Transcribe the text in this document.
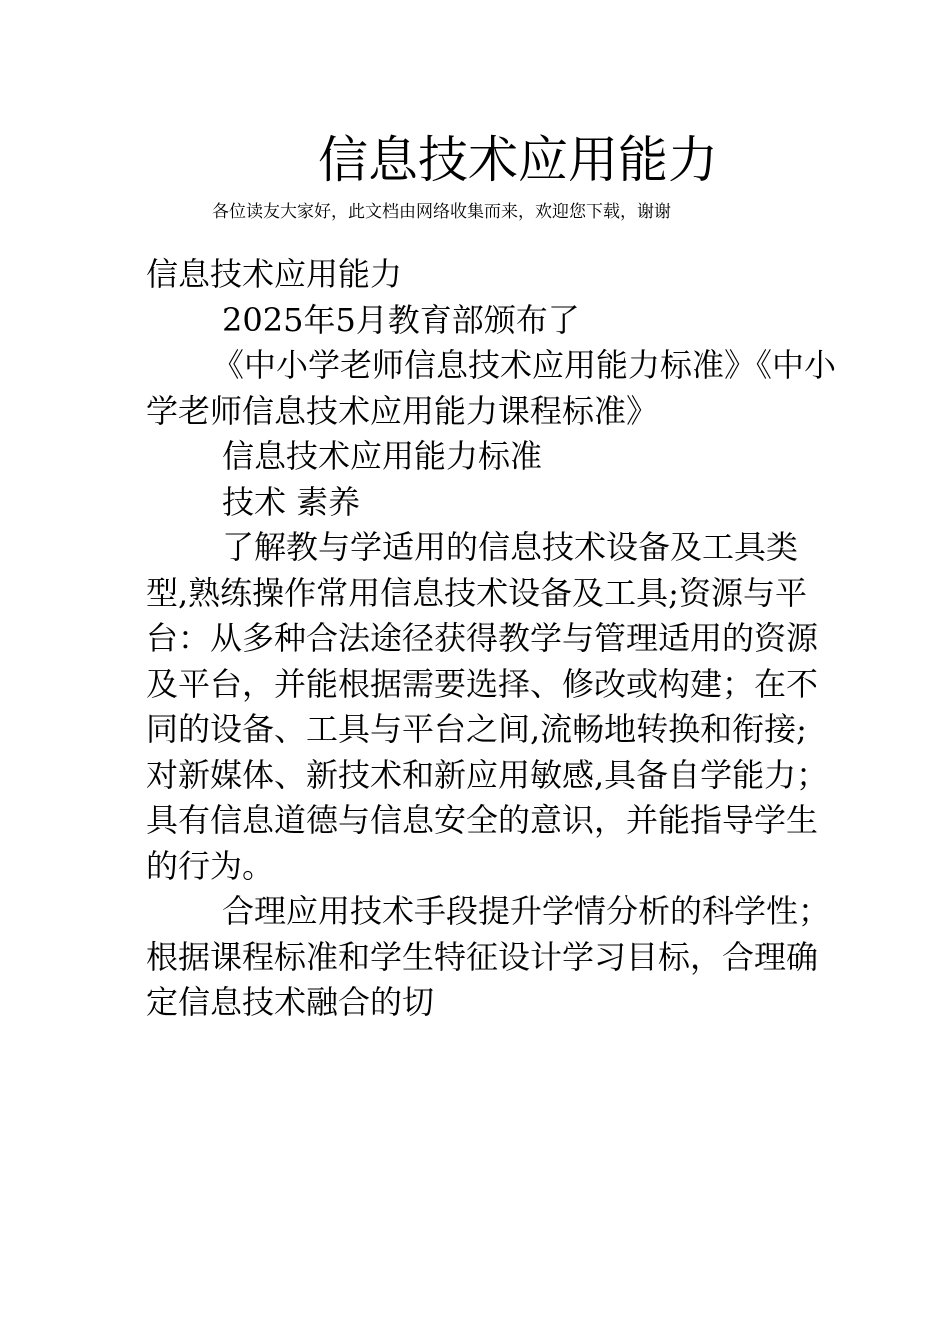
信息技术应用能力

各位读友大家好，此文档由网络收集而来，欢迎您下载，谢谢

信息技术应用能力

2025年5月教育部颁布了

《中小学老师信息技术应用能力标准》《中小学老师信息技术应用能力课程标准》

信息技术应用能力标准

技术 素养

了解教与学适用的信息技术设备及工具类型,熟练操作常用信息技术设备及工具;资源与平台：从多种合法途径获得教学与管理适用的资源及平台，并能根据需要选择、修改或构建；在不同的设备、工具与平台之间,流畅地转换和衔接;对新媒体、新技术和新应用敏感,具备自学能力；具有信息道德与信息安全的意识，并能指导学生的行为。

合理应用技术手段提升学情分析的科学性；根据课程标准和学生特征设计学习目标，合理确定信息技术融合的切
